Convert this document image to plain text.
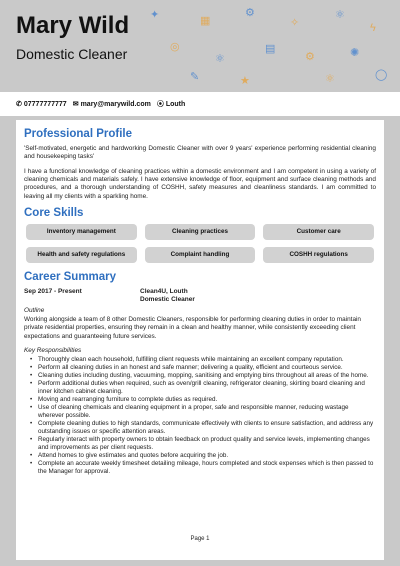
✦	▦
⚙
✧
⚛
ϟ
◎
⚛
▤
⚙	✺
✎	★	⚛	◯
Mary Wild
Domestic Cleaner
✆ 07777777777 ✉ mary@marywild.com ⦿ Louth
Professional Profile

'Self-motivated, energetic and hardworking Domestic Cleaner with over 9 years' experience performing residential cleaning and housekeeping tasks'

I have a functional knowledge of cleaning practices within a domestic environment and I am competent in using a variety of cleaning chemicals and materials safely. I have extensive knowledge of floor, equipment and surface cleaning methods and procedures, and a thorough understanding of COSHH, safety measures and cleanliness standards. I am committed to leaving all my clients with a sparkling home.

Core Skills
Inventory management	Cleaning practices	Customer care
Health and safety regulations	Complaint handling	COSHH regulations
Career Summary
Sep 2017 - Present	Clean4U, Louth
Domestic Cleaner
Outline

Working alongside a team of 8 other Domestic Cleaners, responsible for performing cleaning duties in order to maintain private residential properties, ensuring they remain in a clean and healthy manner, while consistently exceeding client expectations and guaranteeing future services.

Key Responsibilities
• Thoroughly clean each household, fulfilling client requests while maintaining an excellent company reputation.
• Perform all cleaning duties in an honest and safe manner; delivering a quality, efficient and courteous service.
• Cleaning duties including dusting, vacuuming, mopping, sanitising and emptying bins throughout all areas of the home.
• Perform additional duties when required, such as oven/grill cleaning, refrigerator cleaning, skirting board cleaning and inner kitchen cabinet cleaning.
• Moving and rearranging furniture to complete duties as required.
• Use of cleaning chemicals and cleaning equipment in a proper, safe and responsible manner, reducing wastage wherever possible.
• Complete cleaning duties to high standards, communicate effectively with clients to ensure satisfaction, and address any outstanding issues or specific attention areas.
• Regularly interact with property owners to obtain feedback on product quality and service levels, implementing changes and improvements as per client requests.
• Attend homes to give estimates and quotes before acquiring the job.
• Complete an accurate weekly timesheet detailing mileage, hours completed and stock expenses which is then passed to the Manager for approval.
Page 1
